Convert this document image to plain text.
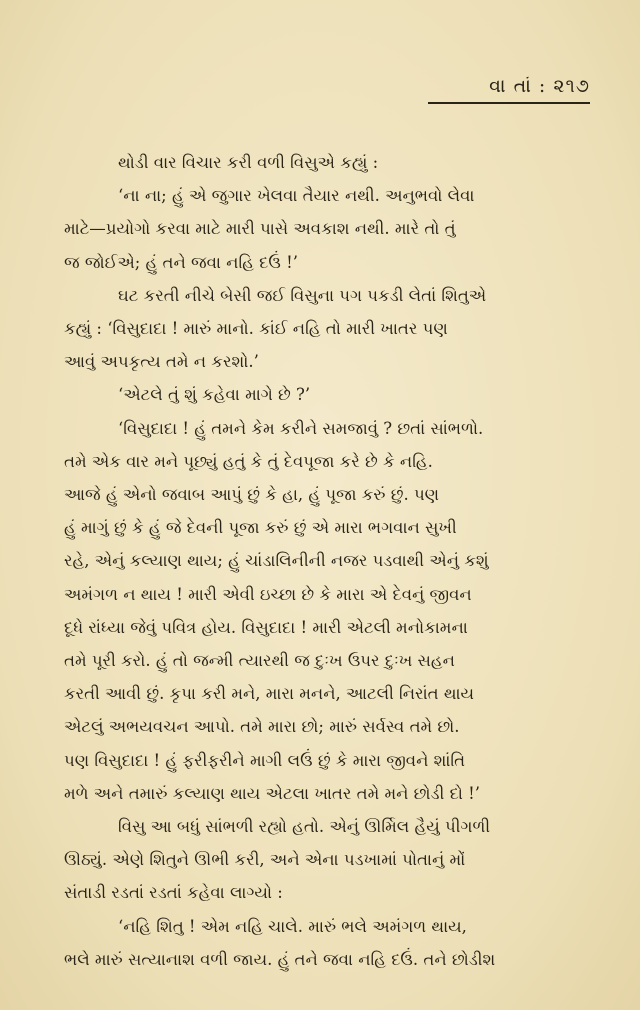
વા તાં : ૨૧૭

થોડી વાર વિચાર કરી વળી વિસુએ કહ્યું :

‘ના ના; હું એ જુગાર ખેલવા તૈયાર નથી. અનુભવો લેવા
માટે—પ્રયોગો કરવા માટે મારી પાસે અવકાશ નથી. મારે તો તું
જ જોઈએ; હું તને જવા નહિ દઉં !’

ઘટ કરતી નીચે બેસી જઈ વિસુના પગ પકડી લેતાં શિતુએ
કહ્યું : ‘વિસુદાદા ! મારું માનો. કાંઈ નહિ તો મારી ખાતર પણ
આવું અપકૃત્ય તમે ન કરશો.’

‘એટલે તું શું કહેવા માગે છે ?’

‘વિસુદાદા ! હું તમને કેમ કરીને સમજાવું ? છતાં સાંભળો.
તમે એક વાર મને પૂછ્યું હતું કે તું દેવપૂજા કરે છે કે નહિ.
આજે હું એનો જવાબ આપું છું કે હા, હું પૂજા કરું છું. પણ
હું માગું છું કે હું જે દેવની પૂજા કરું છું એ મારા ભગવાન સુખી
રહે, એનું કલ્યાણ થાય; હું ચાંડાલિનીની નજર પડવાથી એનું કશું
અમંગળ ન થાય ! મારી એવી ઇચ્છા છે કે મારા એ દેવનું જીવન
દૂધે રાંધ્યા જેવું પવિત્ર હોય. વિસુદાદા ! મારી એટલી મનોકામના
તમે પૂરી કરો. હું તો જન્મી ત્યારથી જ દુઃખ ઉપર દુઃખ સહન
કરતી આવી છું. કૃપા કરી મને, મારા મનને, આટલી નિરાંત થાય
એટલું અભયવચન આપો. તમે મારા છો; મારું સર્વસ્વ તમે છો.
પણ વિસુદાદા ! હું ફરીફરીને માગી લઉં છું કે મારા જીવને શાંતિ
મળે અને તમારું કલ્યાણ થાય એટલા ખાતર તમે મને છોડી દો !’

વિસુ આ બધું સાંભળી રહ્યો હતો. એનું ઊર્મિલ હૈયું પીગળી
ઊઠ્યું. એણે શિતુને ઊભી કરી, અને એના પડખામાં પોતાનું મોં
સંતાડી રડતાં રડતાં કહેવા લાગ્યો :

‘નહિ શિતુ ! એમ નહિ ચાલે. મારું ભલે અમંગળ થાય,
ભલે મારું સત્યાનાશ વળી જાય. હું તને જવા નહિ દઉં. તને છોડીશ
